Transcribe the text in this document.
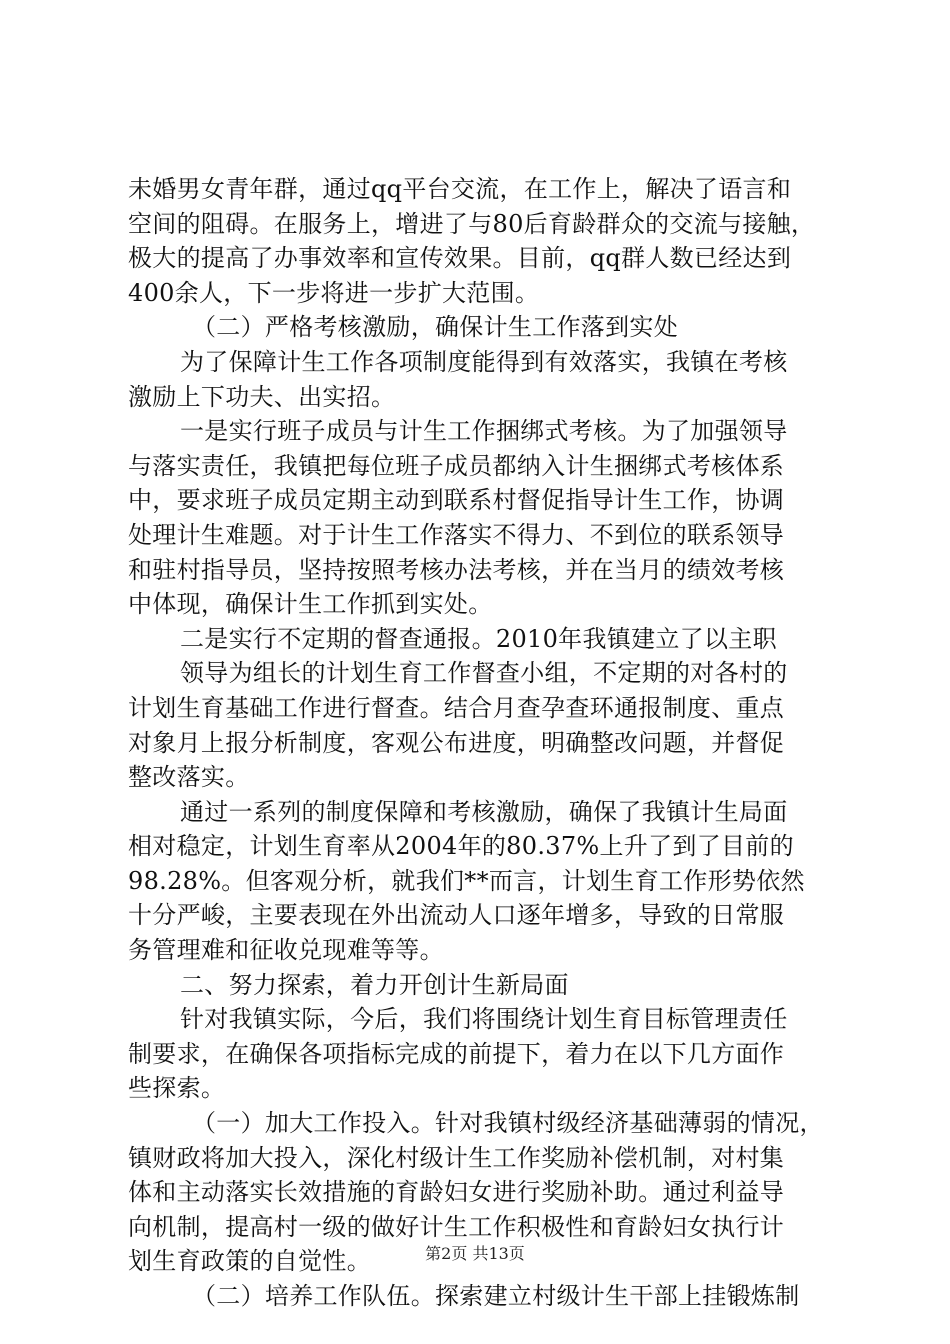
未婚男女青年群，通过qq平台交流，在工作上，解决了语言和
空间的阻碍。在服务上，增进了与80后育龄群众的交流与接触，
极大的提高了办事效率和宣传效果。目前，qq群人数已经达到
400余人，下一步将进一步扩大范围。
（二）严格考核激励，确保计生工作落到实处
为了保障计生工作各项制度能得到有效落实，我镇在考核
激励上下功夫、出实招。
一是实行班子成员与计生工作捆绑式考核。为了加强领导
与落实责任，我镇把每位班子成员都纳入计生捆绑式考核体系
中，要求班子成员定期主动到联系村督促指导计生工作，协调
处理计生难题。对于计生工作落实不得力、不到位的联系领导
和驻村指导员，坚持按照考核办法考核，并在当月的绩效考核
中体现，确保计生工作抓到实处。
二是实行不定期的督查通报。2010年我镇建立了以主职
领导为组长的计划生育工作督查小组，不定期的对各村的
计划生育基础工作进行督查。结合月查孕查环通报制度、重点
对象月上报分析制度，客观公布进度，明确整改问题，并督促
整改落实。
通过一系列的制度保障和考核激励，确保了我镇计生局面
相对稳定，计划生育率从2004年的80.37%上升了到了目前的
98.28%。但客观分析，就我们**而言，计划生育工作形势依然
十分严峻，主要表现在外出流动人口逐年增多，导致的日常服
务管理难和征收兑现难等等。
二、努力探索，着力开创计生新局面
针对我镇实际，今后，我们将围绕计划生育目标管理责任
制要求，在确保各项指标完成的前提下，着力在以下几方面作
些探索。
（一）加大工作投入。针对我镇村级经济基础薄弱的情况，
镇财政将加大投入，深化村级计生工作奖励补偿机制，对村集
体和主动落实长效措施的育龄妇女进行奖励补助。通过利益导
向机制，提高村一级的做好计生工作积极性和育龄妇女执行计
划生育政策的自觉性。
（二）培养工作队伍。探索建立村级计生干部上挂锻炼制
第2页 共13页
